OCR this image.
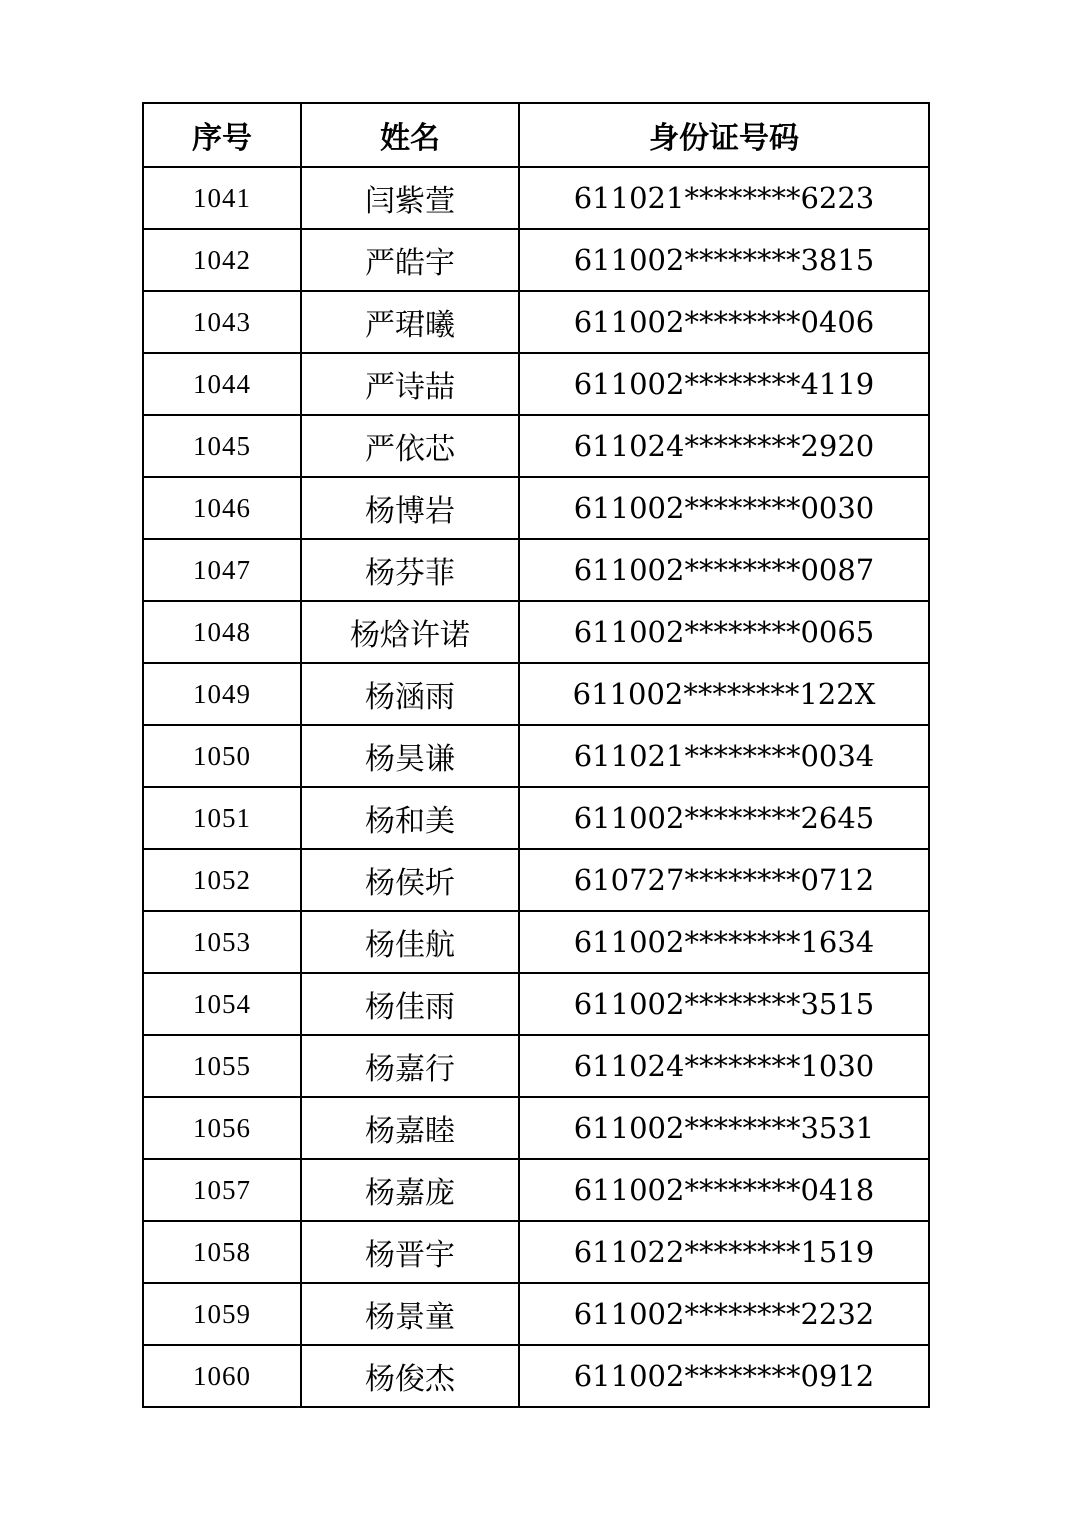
序号	姓名	身份证号码
1041	闫紫萱	611021********6223
1042	严皓宇	611002********3815
1043	严珺曦	611002********0406
1044	严诗喆	611002********4119
1045	严依芯	611024********2920
1046	杨博岩	611002********0030
1047	杨芬菲	611002********0087
1048	杨焓许诺	611002********0065
1049	杨涵雨	611002********122X
1050	杨昊谦	611021********0034
1051	杨和美	611002********2645
1052	杨侯圻	610727********0712
1053	杨佳航	611002********1634
1054	杨佳雨	611002********3515
1055	杨嘉行	611024********1030
1056	杨嘉睦	611002********3531
1057	杨嘉庞	611002********0418
1058	杨晋宇	611022********1519
1059	杨景童	611002********2232
1060	杨俊杰	611002********0912
